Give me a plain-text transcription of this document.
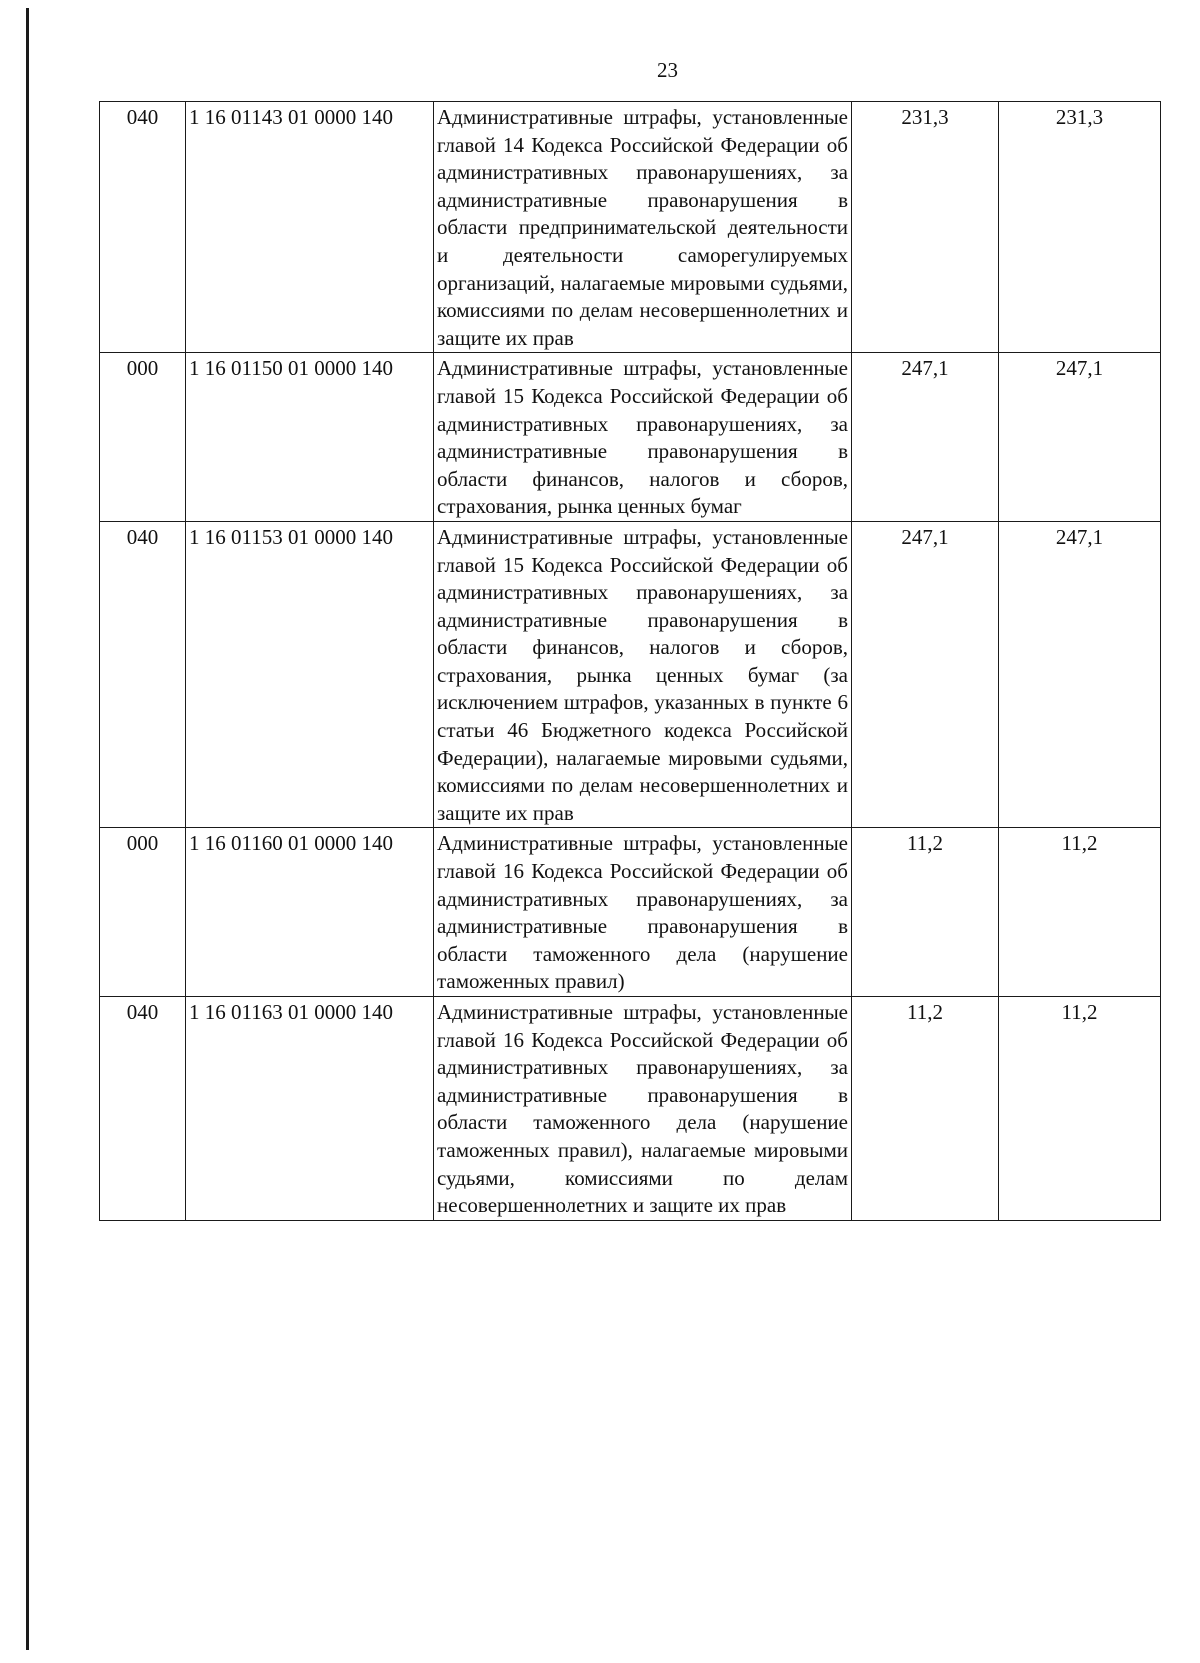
23
040	1 16 01143 01 0000 140	Административные штрафы, установленные главой 14 Кодекса Российской Федерации об административных правонарушениях, за административные правонарушения в области предпринимательской деятельности и деятельности саморегулируемых организаций, налагаемые мировыми судьями, комиссиями по делам несовершеннолетних и защите их прав	231,3	231,3
000	1 16 01150 01 0000 140	Административные штрафы, установленные главой 15 Кодекса Российской Федерации об административных правонарушениях, за административные правонарушения в области финансов, налогов и сборов, страхования, рынка ценных бумаг	247,1	247,1
040	1 16 01153 01 0000 140	Административные штрафы, установленные главой 15 Кодекса Российской Федерации об административных правонарушениях, за административные правонарушения в области финансов, налогов и сборов, страхования, рынка ценных бумаг (за исключением штрафов, указанных в пункте 6 статьи 46 Бюджетного кодекса Российской Федерации), налагаемые мировыми судьями, комиссиями по делам несовершеннолетних и защите их прав	247,1	247,1
000	1 16 01160 01 0000 140	Административные штрафы, установленные главой 16 Кодекса Российской Федерации об административных правонарушениях, за административные правонарушения в области таможенного дела (нарушение таможенных правил)	11,2	11,2
040	1 16 01163 01 0000 140	Административные штрафы, установленные главой 16 Кодекса Российской Федерации об административных правонарушениях, за административные правонарушения в области таможенного дела (нарушение таможенных правил), налагаемые мировыми судьями, комиссиями по делам несовершеннолетних и защите их прав	11,2	11,2
